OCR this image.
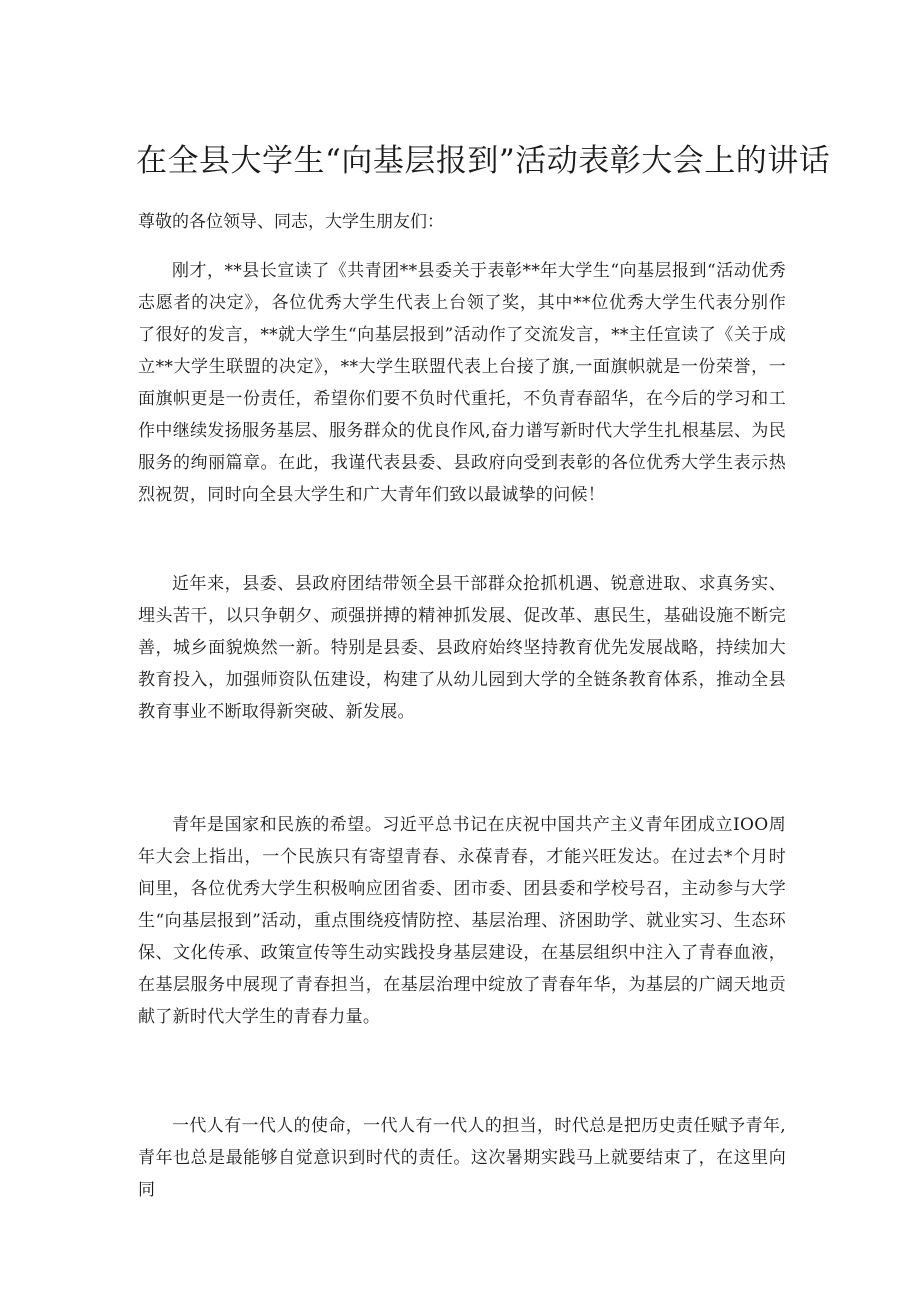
在全县大学生“向基层报到”活动表彰大会上的讲话

尊敬的各位领导、同志，大学生朋友们：

刚才，**县长宣读了《共青团**县委关于表彰**年大学生“向基层报到“活动优秀志愿者的决定》，各位优秀大学生代表上台领了奖，其中**位优秀大学生代表分别作了很好的发言，**就大学生“向基层报到”活动作了交流发言，**主任宣读了《关于成立**大学生联盟的决定》，**大学生联盟代表上台接了旗,一面旗帜就是一份荣誉，一面旗帜更是一份责任，希望你们要不负时代重托，不负青春韶华，在今后的学习和工作中继续发扬服务基层、服务群众的优良作风,奋力谱写新时代大学生扎根基层、为民服务的绚丽篇章。在此，我谨代表县委、县政府向受到表彰的各位优秀大学生表示热烈祝贺，同时向全县大学生和广大青年们致以最诚挚的问候！

近年来，县委、县政府团结带领全县干部群众抢抓机遇、锐意进取、求真务实、埋头苦干，以只争朝夕、顽强拼搏的精神抓发展、促改革、惠民生，基础设施不断完善，城乡面貌焕然一新。特别是县委、县政府始终坚持教育优先发展战略，持续加大教育投入，加强师资队伍建设，构建了从幼儿园到大学的全链条教育体系，推动全县教育事业不断取得新突破、新发展。

青年是国家和民族的希望。习近平总书记在庆祝中国共产主义青年团成立IOO周年大会上指出，一个民族只有寄望青春、永葆青春，才能兴旺发达。在过去*个月时间里，各位优秀大学生积极响应团省委、团市委、团县委和学校号召，主动参与大学生“向基层报到”活动，重点围绕疫情防控、基层治理、济困助学、就业实习、生态环保、文化传承、政策宣传等生动实践投身基层建设，在基层组织中注入了青春血液，在基层服务中展现了青春担当，在基层治理中绽放了青春年华，为基层的广阔天地贡献了新时代大学生的青春力量。

一代人有一代人的使命，一代人有一代人的担当，时代总是把历史责任赋予青年,青年也总是最能够自觉意识到时代的责任。这次暑期实践马上就要结束了，在这里向同
